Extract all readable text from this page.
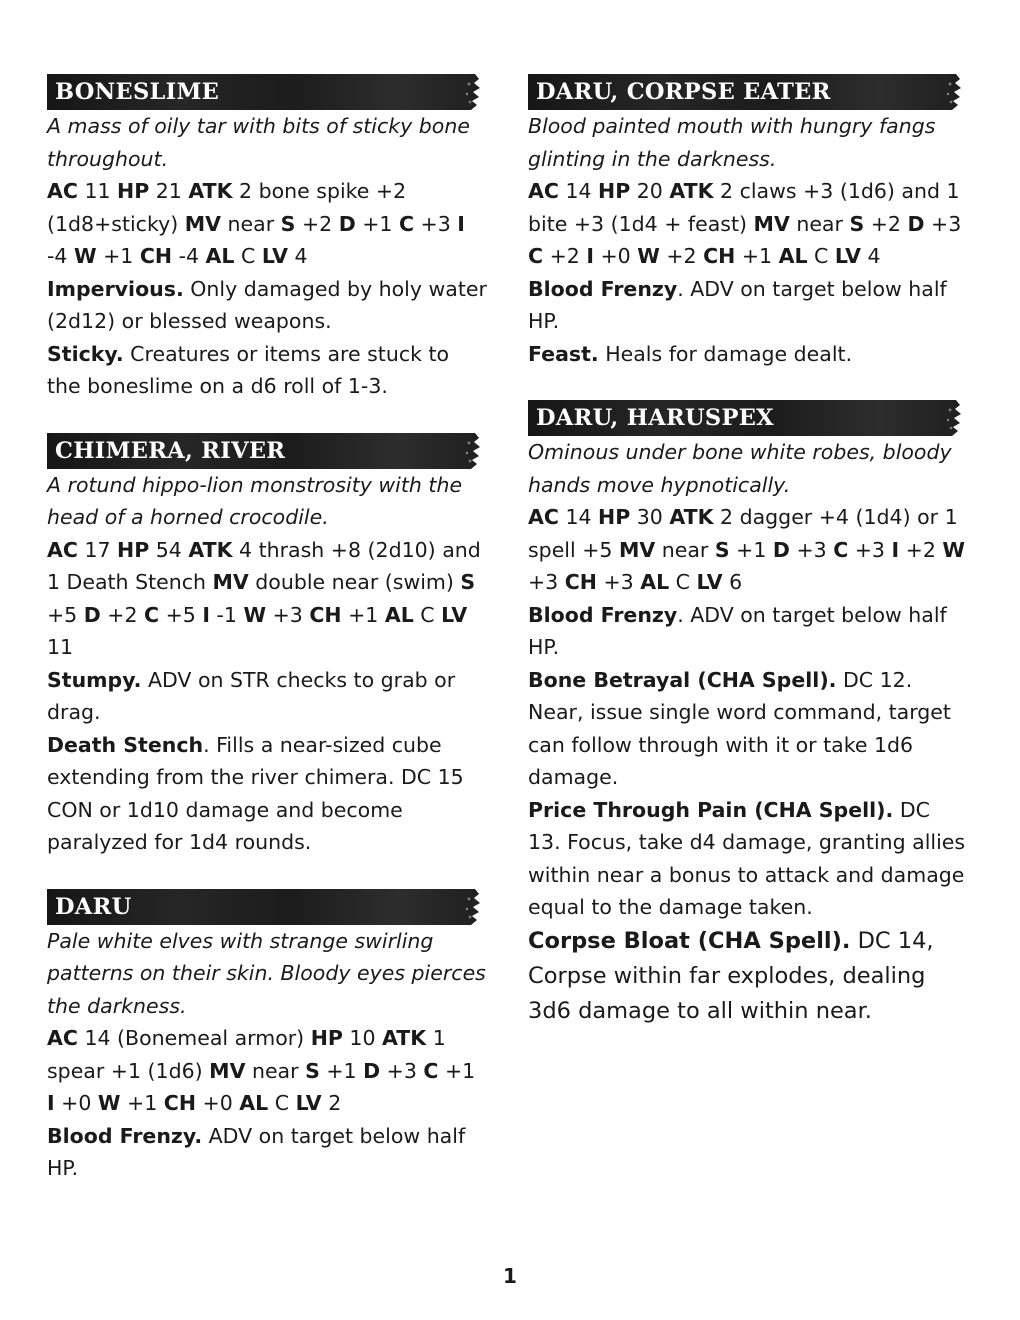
BONESLIME

A mass of oily tar with bits of sticky bone throughout.

AC 11 HP 21 ATK 2 bone spike +2 (1d8+sticky) MV near S +2 D +1 C +3 I -4 W +1 CH -4 AL C LV 4

Impervious. Only damaged by holy water (2d12) or blessed weapons.

Sticky. Creatures or items are stuck to the boneslime on a d6 roll of 1-3.

CHIMERA, RIVER

A rotund hippo-lion monstrosity with the head of a horned crocodile.

AC 17 HP 54 ATK 4 thrash +8 (2d10) and 1 Death Stench MV double near (swim) S +5 D +2 C +5 I -1 W +3 CH +1 AL C LV 11

Stumpy. ADV on STR checks to grab or drag.

Death Stench. Fills a near-sized cube extending from the river chimera. DC 15 CON or 1d10 damage and become paralyzed for 1d4 rounds.

DARU

Pale white elves with strange swirling patterns on their skin. Bloody eyes pierces the darkness.

AC 14 (Bonemeal armor) HP 10 ATK 1 spear +1 (1d6) MV near S +1 D +3 C +1 I +0 W +1 CH +0 AL C LV 2

Blood Frenzy. ADV on target below half HP.

DARU, CORPSE EATER

Blood painted mouth with hungry fangs glinting in the darkness.

AC 14 HP 20 ATK 2 claws +3 (1d6) and 1 bite +3 (1d4 + feast) MV near S +2 D +3 C +2 I +0 W +2 CH +1 AL C LV 4

Blood Frenzy. ADV on target below half HP.

Feast. Heals for damage dealt.

DARU, HARUSPEX

Ominous under bone white robes, bloody hands move hypnotically.

AC 14 HP 30 ATK 2 dagger +4 (1d4) or 1 spell +5 MV near S +1 D +3 C +3 I +2 W +3 CH +3 AL C LV 6

Blood Frenzy. ADV on target below half HP.

Bone Betrayal (CHA Spell). DC 12. Near, issue single word command, target can follow through with it or take 1d6 damage.

Price Through Pain (CHA Spell). DC 13. Focus, take d4 damage, granting allies within near a bonus to attack and damage equal to the damage taken.

Corpse Bloat (CHA Spell). DC 14, Corpse within far explodes, dealing 3d6 damage to all within near.

1
